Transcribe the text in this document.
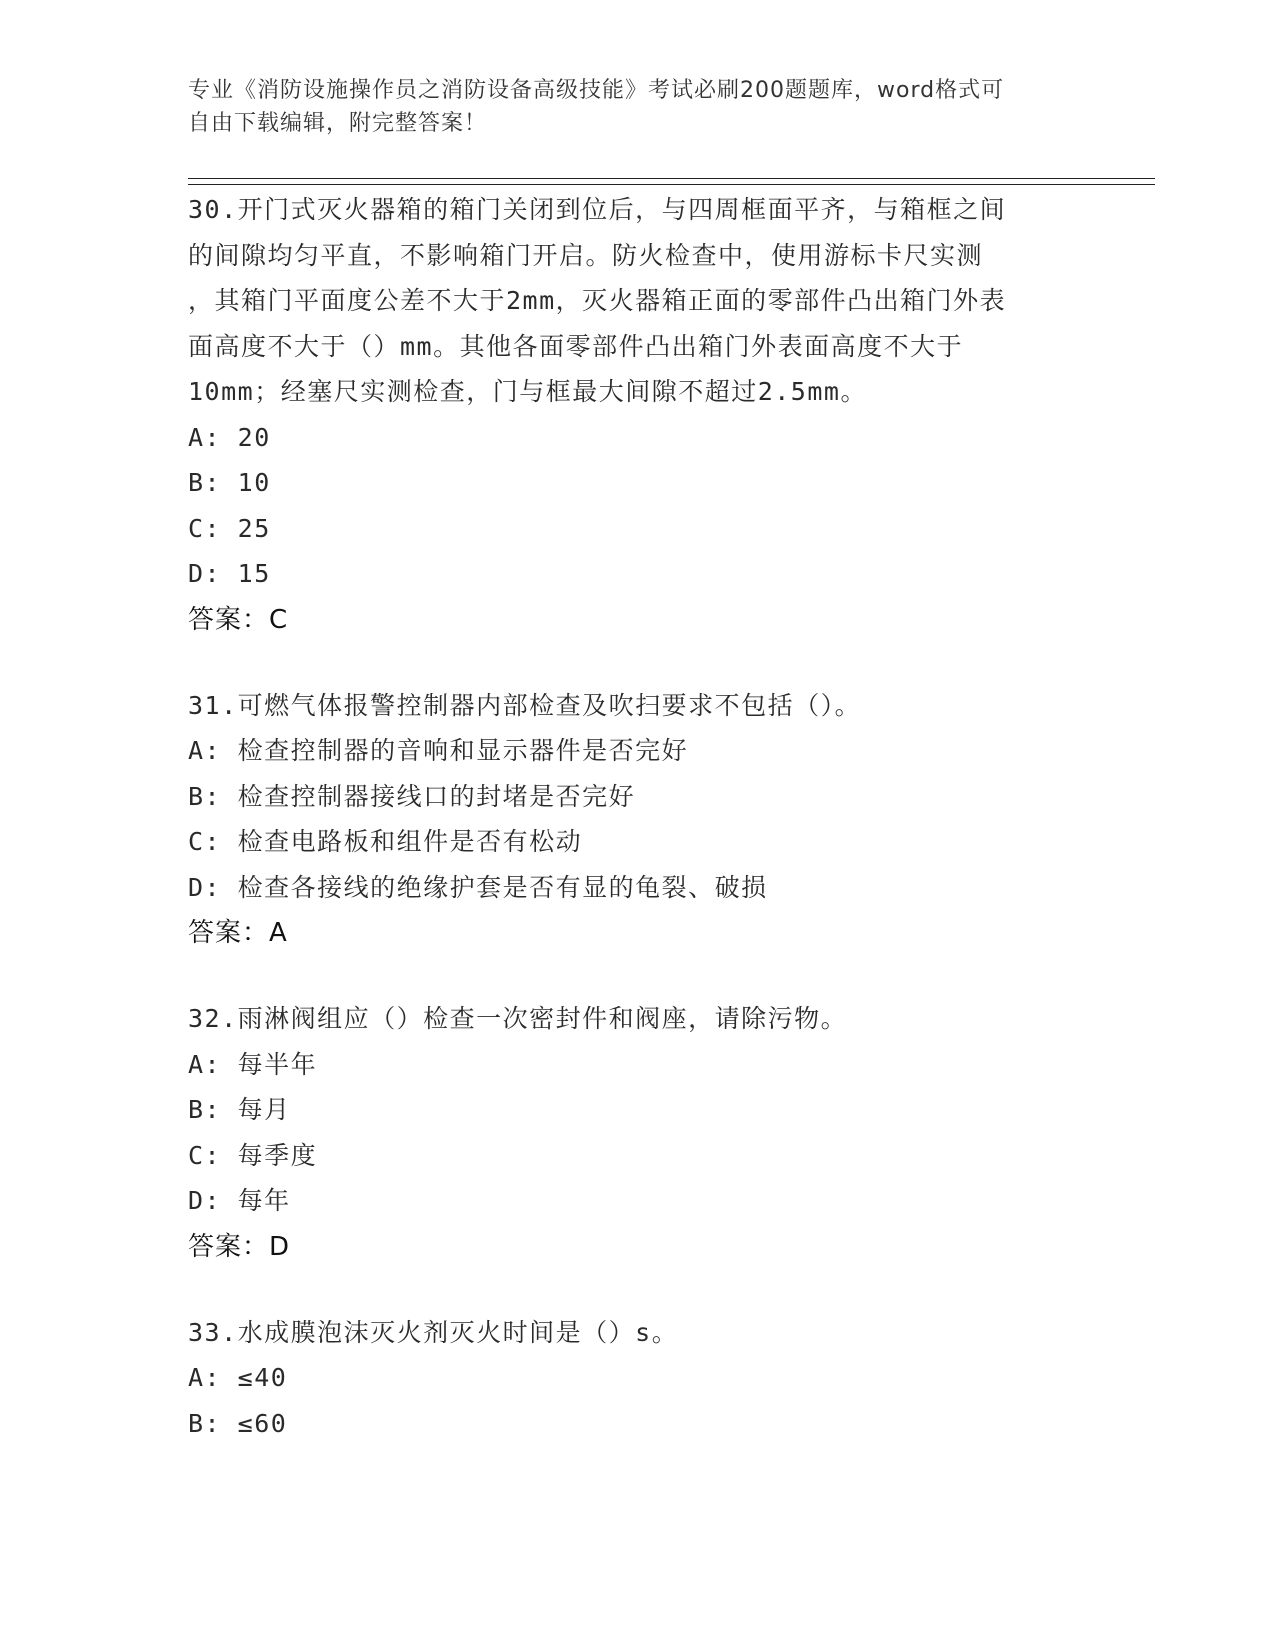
专业《消防设施操作员之消防设备高级技能》考试必刷200题题库，word格式可
自由下载编辑，附完整答案！
30.开门式灭火器箱的箱门关闭到位后，与四周框面平齐，与箱框之间
的间隙均匀平直，不影响箱门开启。防火检查中，使用游标卡尺实测
，其箱门平面度公差不大于2mm，灭火器箱正面的零部件凸出箱门外表
面高度不大于（）mm。其他各面零部件凸出箱门外表面高度不大于
10mm；经塞尺实测检查，门与框最大间隙不超过2.5mm。
A: 20
B: 10
C: 25
D: 15
答案：C
31.可燃气体报警控制器内部检查及吹扫要求不包括（）。
A: 检查控制器的音响和显示器件是否完好
B: 检查控制器接线口的封堵是否完好
C: 检查电路板和组件是否有松动
D: 检查各接线的绝缘护套是否有显的龟裂、破损
答案：A
32.雨淋阀组应（）检查一次密封件和阀座，请除污物。
A: 每半年
B: 每月
C: 每季度
D: 每年
答案：D
33.水成膜泡沫灭火剂灭火时间是（）s。
A: ≤40
B: ≤60
